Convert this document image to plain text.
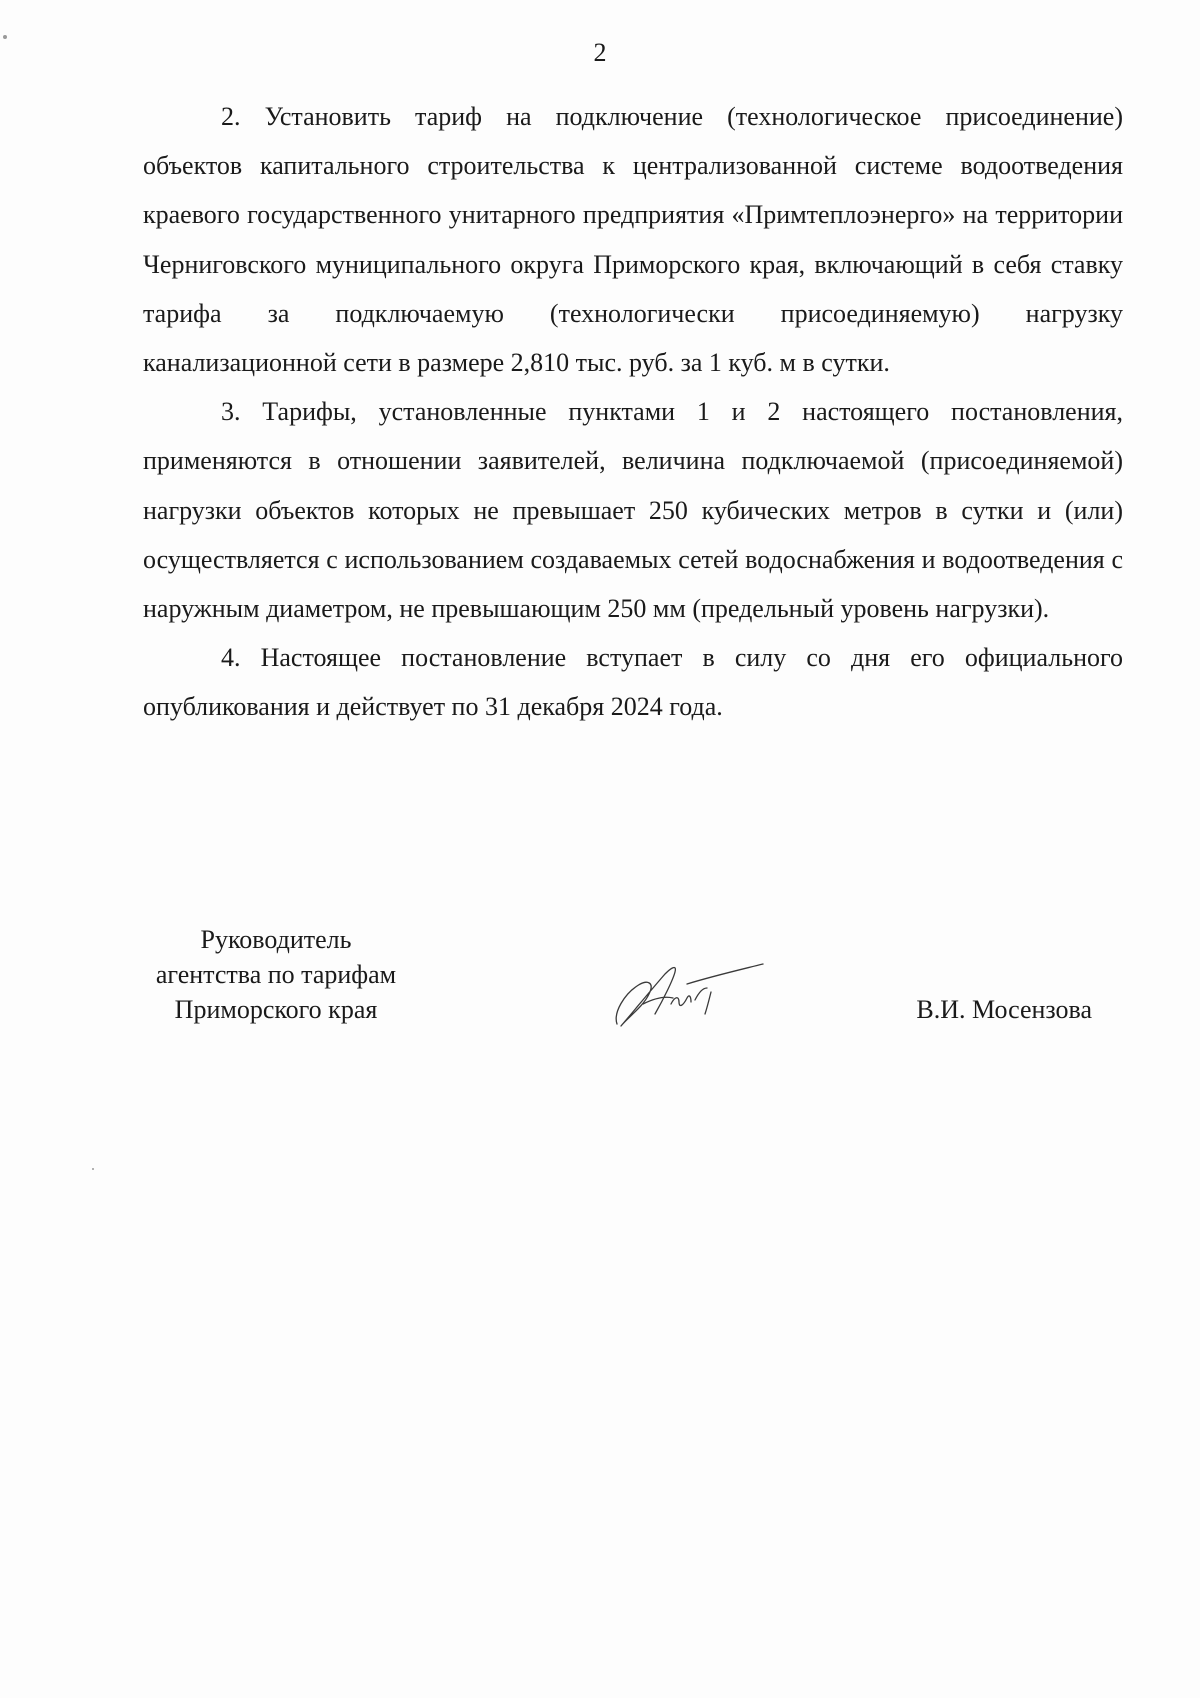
2

2. Установить тариф на подключение (технологическое присоединение) объектов капитального строительства к централизованной системе водоотведения краевого государственного унитарного предприятия «Примтеплоэнерго» на территории Черниговского муниципального округа Приморского края, включающий в себя ставку тарифа за подключаемую (технологически присоединяемую) нагрузку канализационной сети в размере 2,810 тыс. руб. за 1 куб. м в сутки.

3. Тарифы, установленные пунктами 1 и 2 настоящего постановления, применяются в отношении заявителей, величина подключаемой (присоединяемой) нагрузки объектов которых не превышает 250 кубических метров в сутки и (или) осуществляется с использованием создаваемых сетей водоснабжения и водоотведения с наружным диаметром, не превышающим 250 мм (предельный уровень нагрузки).

4. Настоящее постановление вступает в силу со дня его официального опубликования и действует по 31 декабря 2024 года.

Руководитель
агентства по тарифам
Приморского края	В.И. Мосензова
